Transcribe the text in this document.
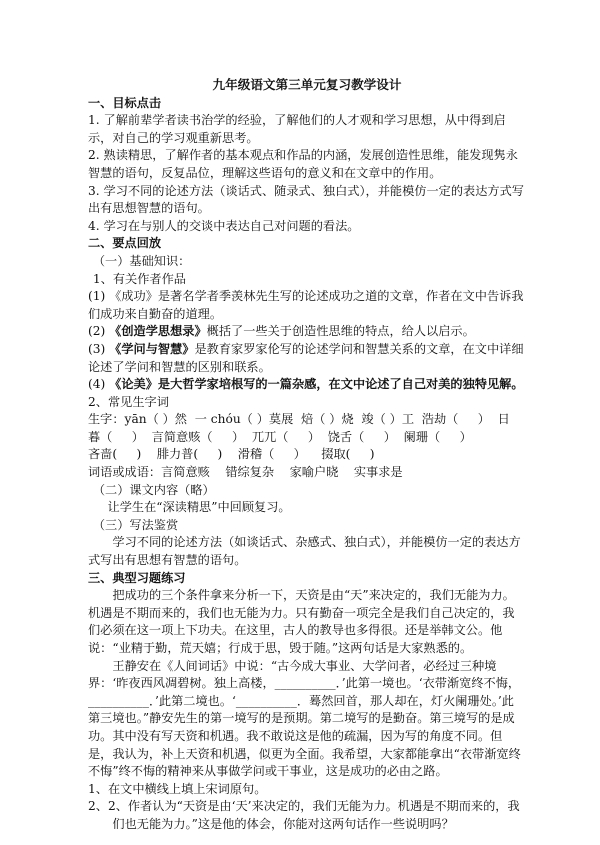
九年级语文第三单元复习教学设计

一、目标点击

1. 了解前辈学者读书治学的经验，了解他们的人才观和学习思想，从中得到启示，对自己的学习观重新思考。

2. 熟读精思，了解作者的基本观点和作品的内涵，发展创造性思维，能发现隽永智慧的语句，反复品位，理解这些语句的意义和在文章中的作用。

3. 学习不同的论述方法（谈话式、随录式、独白式），并能模仿一定的表达方式写出有思想智慧的语句。

4. 学习在与别人的交谈中表达自己对问题的看法。

二、要点回放

（一）基础知识：

1、有关作者作品

(1) 《成功》是著名学者季羡林先生写的论述成功之道的文章，作者在文中告诉我们成功来自勤奋的道理。

(2) 《创造学思想录》概括了一些关于创造性思维的特点，给人以启示。

(3) 《学问与智慧》是教育家罗家伦写的论述学问和智慧关系的文章，在文中详细论述了学问和智慧的区别和联系。

(4) 《论美》是大哲学家培根写的一篇杂感，在文中论述了自己对美的独特见解。

2、常见生字词

生字：yān（ ）然  一 chóu（ ）莫展  焙（ ）烧  竣（ ）工  浩劫（     ）  日

暮（     ）  言简意赅（     ）  兀兀（     ）  饶舌（     ）  阑珊（     ）

吝啬(     )    腓力普(     )    滑稽（     ）    掇取(     )

词语或成语：言简意赅    错综复杂    家喻户晓    实事求是

（二）课文内容（略）

让学生在“深读精思”中回顾复习。

（三）写法鉴赏

学习不同的论述方法（如谈话式、杂感式、独白式），并能模仿一定的表达方式写出有思想有智慧的语句。

三、典型习题练习

把成功的三个条件拿来分析一下，天资是由“天”来决定的，我们无能为力。机遇是不期而来的，我们也无能为力。只有勤奋一项完全是我们自己决定的，我们必须在这一项上下功夫。在这里，古人的教导也多得很。还是举韩文公。他说：“业精于勤，荒天嬉；行成于思，毁于随。”这两句话是大家熟悉的。

王静安在《人间词话》中说：“古今成大事业、大学问者，必经过三种境界：‘昨夜西风凋碧树。独上高楼，__________．’此第一境也。‘衣带渐宽终不悔，__________．’此第二境也。‘__________．蓦然回首，那人却在，灯火阑珊处。’此第三境也。”静安先生的第一境写的是预期。第二境写的是勤奋。第三境写的是成功。其中没有写天资和机遇。我不敢说这是他的疏漏，因为写的角度不同。但是，我认为，补上天资和机遇，似更为全面。我希望，大家都能拿出“衣带渐宽终不悔”终不悔的精神来从事做学问或干事业，这是成功的必由之路。

1、在文中横线上填上宋词原句。

2、2、作者认为“天资是由‘天’来决定的，我们无能为力。机遇是不期而来的，我们也无能为力。”这是他的体会，你能对这两句话作一些说明吗？
